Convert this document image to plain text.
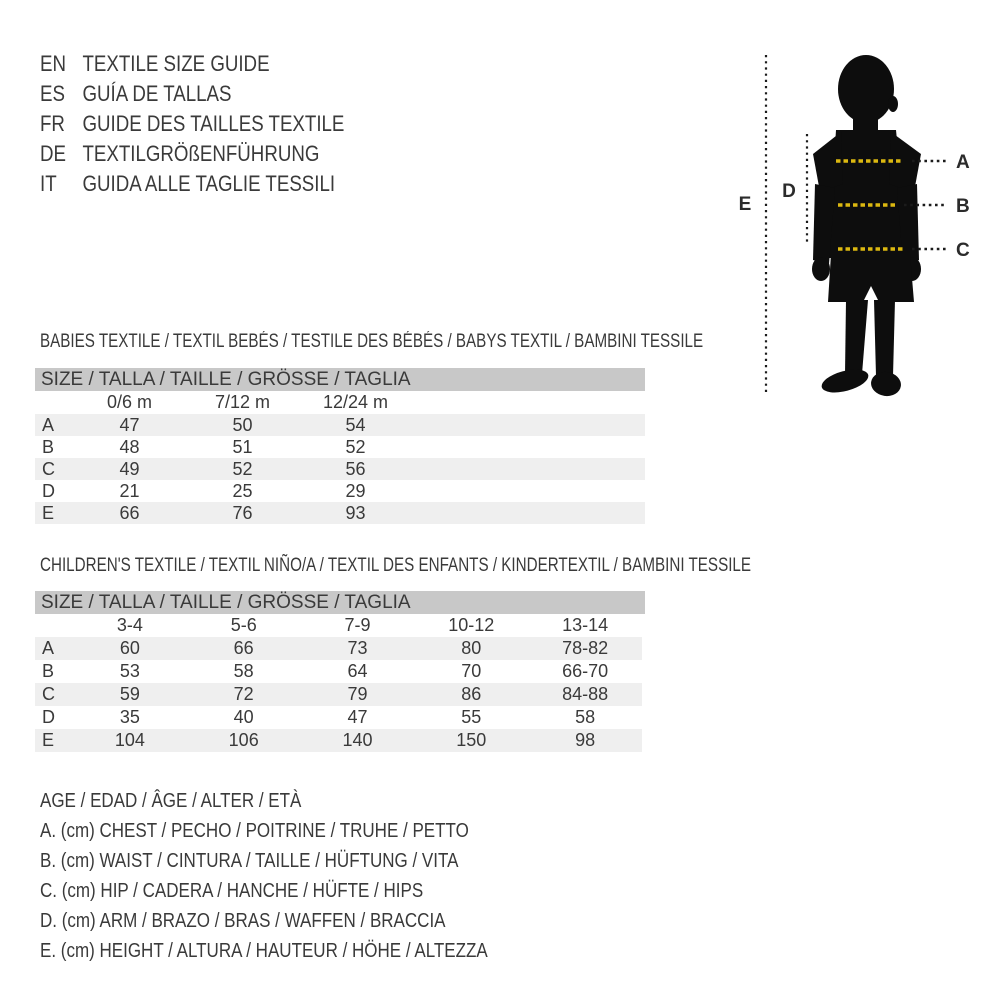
EN TEXTILE SIZE GUIDE
ES GUÍA DE TALLAS
FR GUIDE DES TAILLES TEXTILE
DE TEXTILGRÖßENFÜHRUNG
IT	GUIDA ALLE TAGLIE TESSILI
A
B
C
D
E
BABIES TEXTILE / TEXTIL BEBÉS / TESTILE DES BÉBÉS / BABYS TEXTIL / BAMBINI TESSILE
SIZE / TALLA / TAILLE / GRÖSSE / TAGLIA
	0/6 m	7/12 m	12/24 m	
A	47	50	54	
B	48	51	52	
C	49	52	56	
D	21	25	29	
E	66	76	93	
CHILDREN'S TEXTILE / TEXTIL NIÑO/A / TEXTIL DES ENFANTS / KINDERTEXTIL / BAMBINI TESSILE
SIZE / TALLA / TAILLE / GRÖSSE / TAGLIA
	3-4	5-6	7-9	10-12	13-14
A	60	66	73	80	78-82
B	53	58	64	70	66-70
C	59	72	79	86	84-88
D	35	40	47	55	58
E	104	106	140	150	98
AGE / EDAD / ÂGE / ALTER / ETÀ
A. (cm) CHEST / PECHO / POITRINE / TRUHE / PETTO
B. (cm) WAIST / CINTURA / TAILLE / HÜFTUNG / VITA
C. (cm) HIP / CADERA / HANCHE / HÜFTE / HIPS
D. (cm) ARM / BRAZO / BRAS / WAFFEN / BRACCIA
E. (cm) HEIGHT / ALTURA / HAUTEUR / HÖHE / ALTEZZA
